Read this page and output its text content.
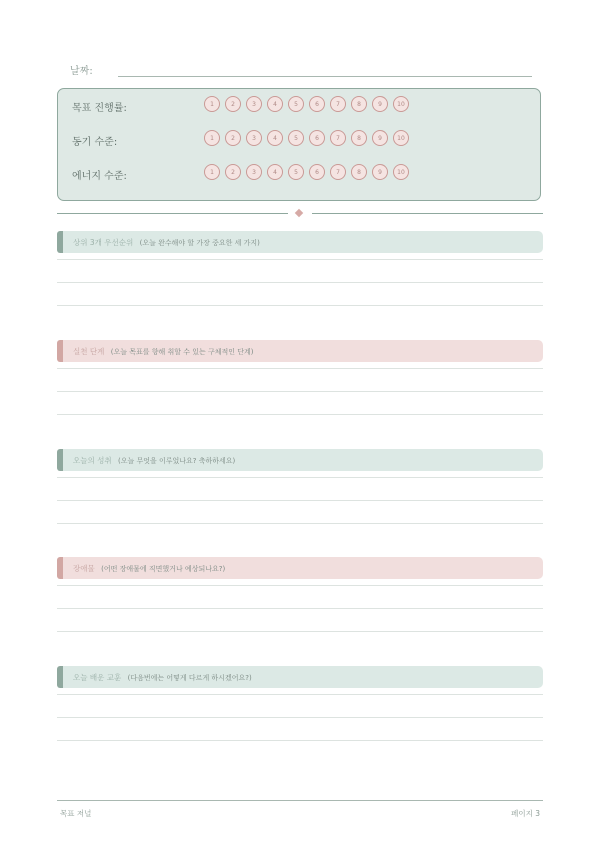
날짜:
목표 진행률:	1	2	3	4	5	6	7	8	9	10
동기 수준:	1	2	3	4	5	6	7	8	9	10
에너지 수준:	1	2	3	4	5	6	7	8	9	10
상위 3개 우선순위 (오늘 완수해야 할 가장 중요한 세 가지)
실천 단계 (오늘 목표를 향해 취할 수 있는 구체적인 단계)
오늘의 성취 (오늘 무엇을 이루었나요? 축하하세요)
장애물 (어떤 장애물에 직면했거나 예상되나요?)
오늘 배운 교훈 (다음번에는 어떻게 다르게 하시겠어요?)
목표 저널	페이지 3
